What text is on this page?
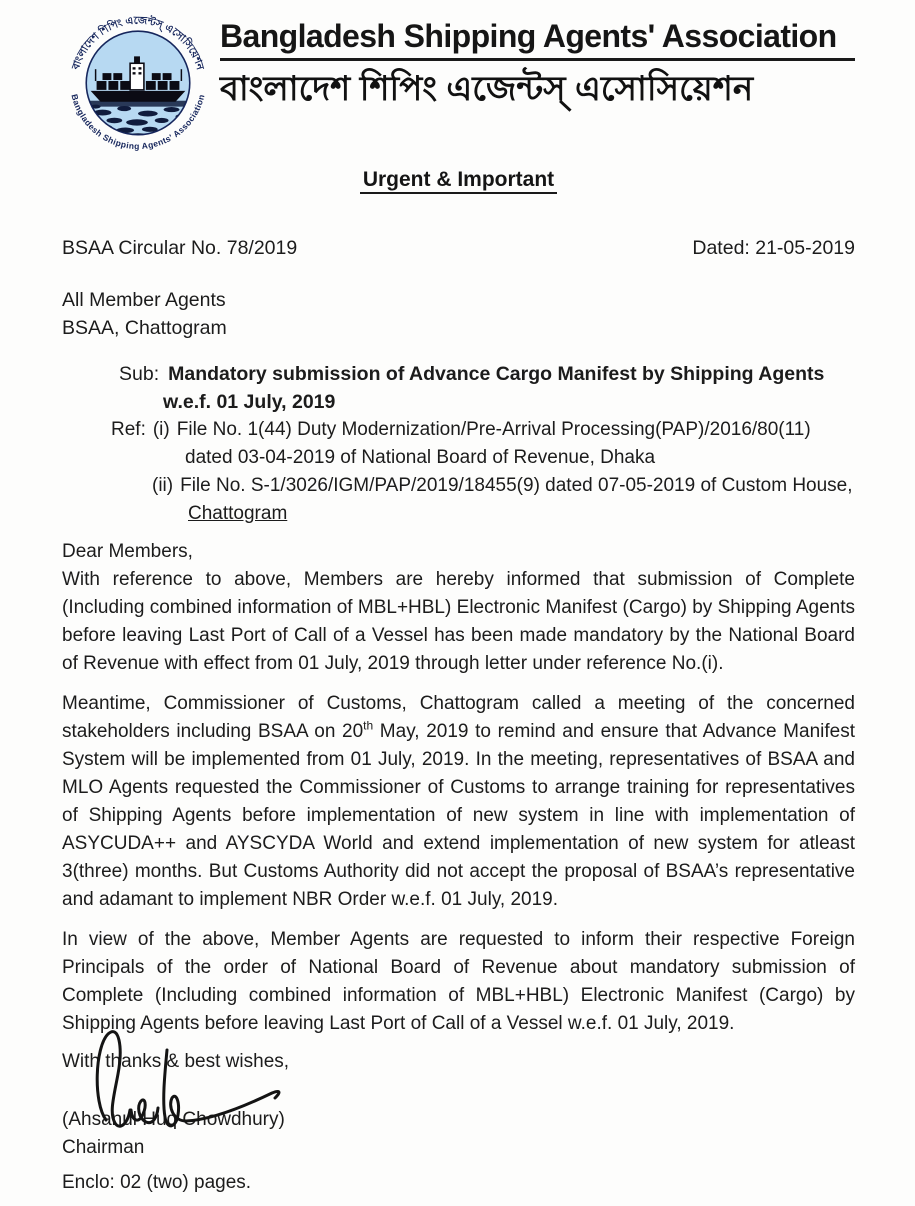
বাংলাদেশ শিপিং এজেন্টস্ এসোসিয়েশন
Bangladesh Shipping Agents' Association
Bangladesh Shipping Agents' Association
বাংলাদেশ শিপিং এজেন্টস্ এসোসিয়েশন
Urgent & Important
BSAA Circular No. 78/2019	Dated: 21-05-2019
All Member Agents
BSAA, Chattogram
Sub: Mandatory submission of Advance Cargo Manifest by Shipping Agents
w.e.f. 01 July, 2019
Ref: (i) File No. 1(44) Duty Modernization/Pre-Arrival Processing(PAP)/2016/80(11)
dated 03-04-2019 of National Board of Revenue, Dhaka
(ii) File No. S-1/3026/IGM/PAP/2019/18455(9) dated 07-05-2019 of Custom House,
Chattogram
Dear Members,

With reference to above, Members are hereby informed that submission of Complete (Including combined information of MBL+HBL) Electronic Manifest (Cargo) by Shipping Agents before leaving Last Port of Call of a Vessel has been made mandatory by the National Board of Revenue with effect from 01 July, 2019 through letter under reference No.(i).

Meantime, Commissioner of Customs, Chattogram called a meeting of the concerned stakeholders including BSAA on 20th May, 2019 to remind and ensure that Advance Manifest System will be implemented from 01 July, 2019. In the meeting, representatives of BSAA and MLO Agents requested the Commissioner of Customs to arrange training for representatives of Shipping Agents before implementation of new system in line with implementation of ASYCUDA++ and AYSCYDA World and extend implementation of new system for atleast 3(three) months. But Customs Authority did not accept the proposal of BSAA’s representative and adamant to implement NBR Order w.e.f. 01 July, 2019.

In view of the above, Member Agents are requested to inform their respective Foreign Principals of the order of National Board of Revenue about mandatory submission of Complete (Including combined information of MBL+HBL) Electronic Manifest (Cargo) by Shipping Agents before leaving Last Port of Call of a Vessel w.e.f. 01 July, 2019.

With thanks & best wishes,
(Ahsanul Huq Chowdhury)
Chairman
Enclo: 02 (two) pages.
